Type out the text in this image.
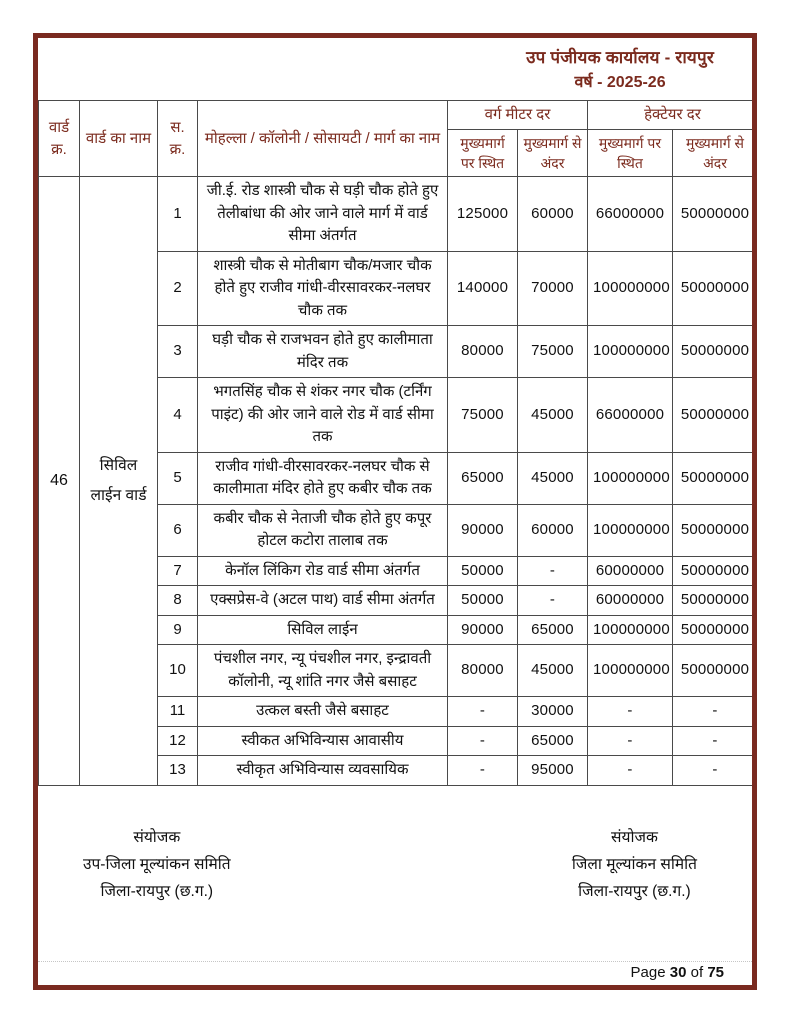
उप पंजीयक कार्यालय - रायपुर
वर्ष - 2025-26
वार्ड क्र.	वार्ड का नाम	स. क्र.	मोहल्ला / कॉलोनी / सोसायटी / मार्ग का नाम	वर्ग मीटर दर		हेक्टेयर दर	
				मुख्यमार्ग पर स्थित	मुख्यमार्ग से अंदर	मुख्यमार्ग पर स्थित	मुख्यमार्ग से अंदर
46	सिविल लाईन वार्ड	1	जी.ई. रोड शास्त्री चौक से घड़ी चौक होते हुए तेलीबांधा की ओर जाने वाले मार्ग में वार्ड सीमा अंतर्गत	125000	60000	66000000	50000000
		2	शास्त्री चौक से मोतीबाग चौक/मजार चौक होते हुए राजीव गांधी-वीरसावरकर-नलघर चौक तक	140000	70000	100000000	50000000
		3	घड़ी चौक से राजभवन होते हुए कालीमाता मंदिर तक	80000	75000	100000000	50000000
		4	भगतसिंह चौक से शंकर नगर चौक (टर्निंग पाइंट) की ओर जाने वाले रोड में वार्ड सीमा तक	75000	45000	66000000	50000000
		5	राजीव गांधी-वीरसावरकर-नलघर चौक से कालीमाता मंदिर होते हुए कबीर चौक तक	65000	45000	100000000	50000000
		6	कबीर चौक से नेताजी चौक होते हुए कपूर होटल कटोरा तालाब तक	90000	60000	100000000	50000000
		7	केनॉल लिंकिग रोड वार्ड सीमा अंतर्गत	50000	-	60000000	50000000
		8	एक्सप्रेस-वे (अटल पाथ) वार्ड सीमा अंतर्गत	50000	-	60000000	50000000
		9	सिविल लाईन	90000	65000	100000000	50000000
		10	पंचशील नगर, न्यू पंचशील नगर, इन्द्रावती कॉलोनी, न्यू शांति नगर जैसे बसाहट	80000	45000	100000000	50000000
		11	उत्कल बस्ती जैसे बसाहट	-	30000	-	-
		12	स्वीकत अभिविन्यास आवासीय	-	65000	-	-
		13	स्वीकृत अभिविन्यास व्यवसायिक	-	95000	-	-
संयोजक
उप-जिला मूल्यांकन समिति
जिला-रायपुर (छ.ग.)
संयोजक
जिला मूल्यांकन समिति
जिला-रायपुर (छ.ग.)
Page 30 of 75
